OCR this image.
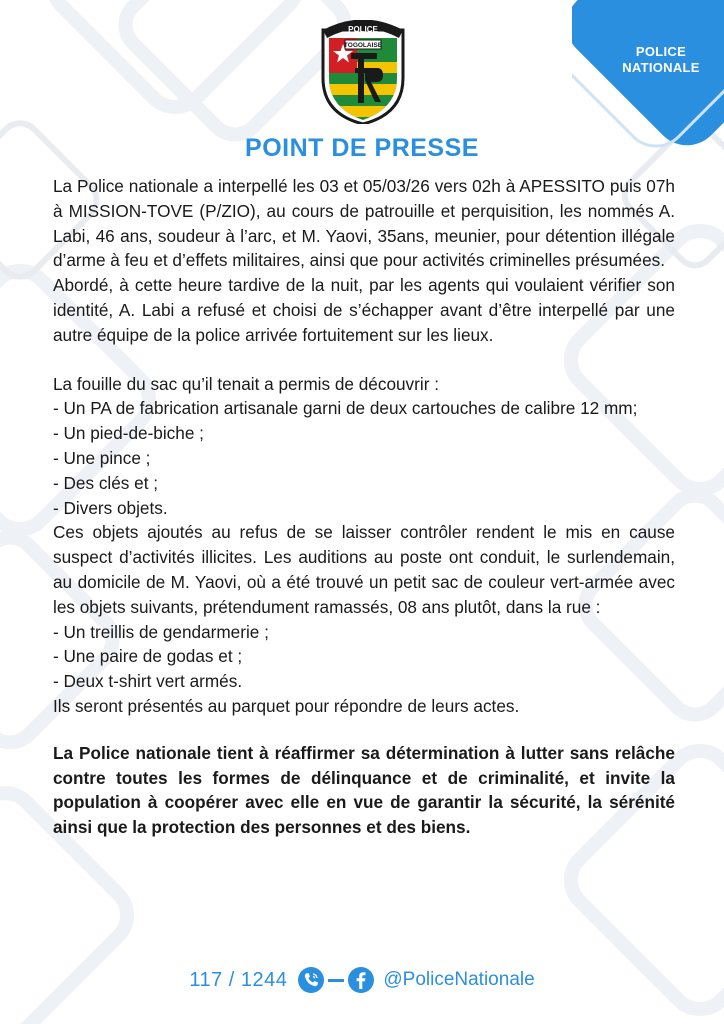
POLICE
NATIONALE
POLICE
TOGOLAISE
POINT DE PRESSE

La Police nationale a interpellé les 03 et 05/03/26 vers 02h à APESSITO puis 07h à MISSION-TOVE (P/ZIO), au cours de patrouille et perquisition, les nommés A. Labi, 46 ans, soudeur à l’arc, et M. Yaovi, 35ans, meunier, pour détention illégale d’arme à feu et d’effets militaires, ainsi que pour activités criminelles présumées.

Abordé, à cette heure tardive de la nuit, par les agents qui voulaient vérifier son identité, A. Labi a refusé et choisi de s’échapper avant d’être interpellé par une autre équipe de la police arrivée fortuitement sur les lieux.

La fouille du sac qu’il tenait a permis de découvrir :

- Un PA de fabrication artisanale garni de deux cartouches de calibre 12 mm;
- Un pied-de-biche ;
- Une pince ;
- Des clés et ;
- Divers objets.

Ces objets ajoutés au refus de se laisser contrôler rendent le mis en cause suspect d’activités illicites. Les auditions au poste ont conduit, le surlendemain, au domicile de M. Yaovi, où a été trouvé un petit sac de couleur vert-armée avec les objets suivants, prétendument ramassés, 08 ans plutôt, dans la rue :

- Un treillis de gendarmerie ;
- Une paire de godas et ;
- Deux t-shirt vert armés.

Ils seront présentés au parquet pour répondre de leurs actes.

La Police nationale tient à réaffirmer sa détermination à lutter sans relâche contre toutes les formes de délinquance et de criminalité, et invite la population à coopérer avec elle en vue de garantir la sécurité, la sérénité ainsi que la protection des personnes et des biens.

117 / 1244	@PoliceNationale
